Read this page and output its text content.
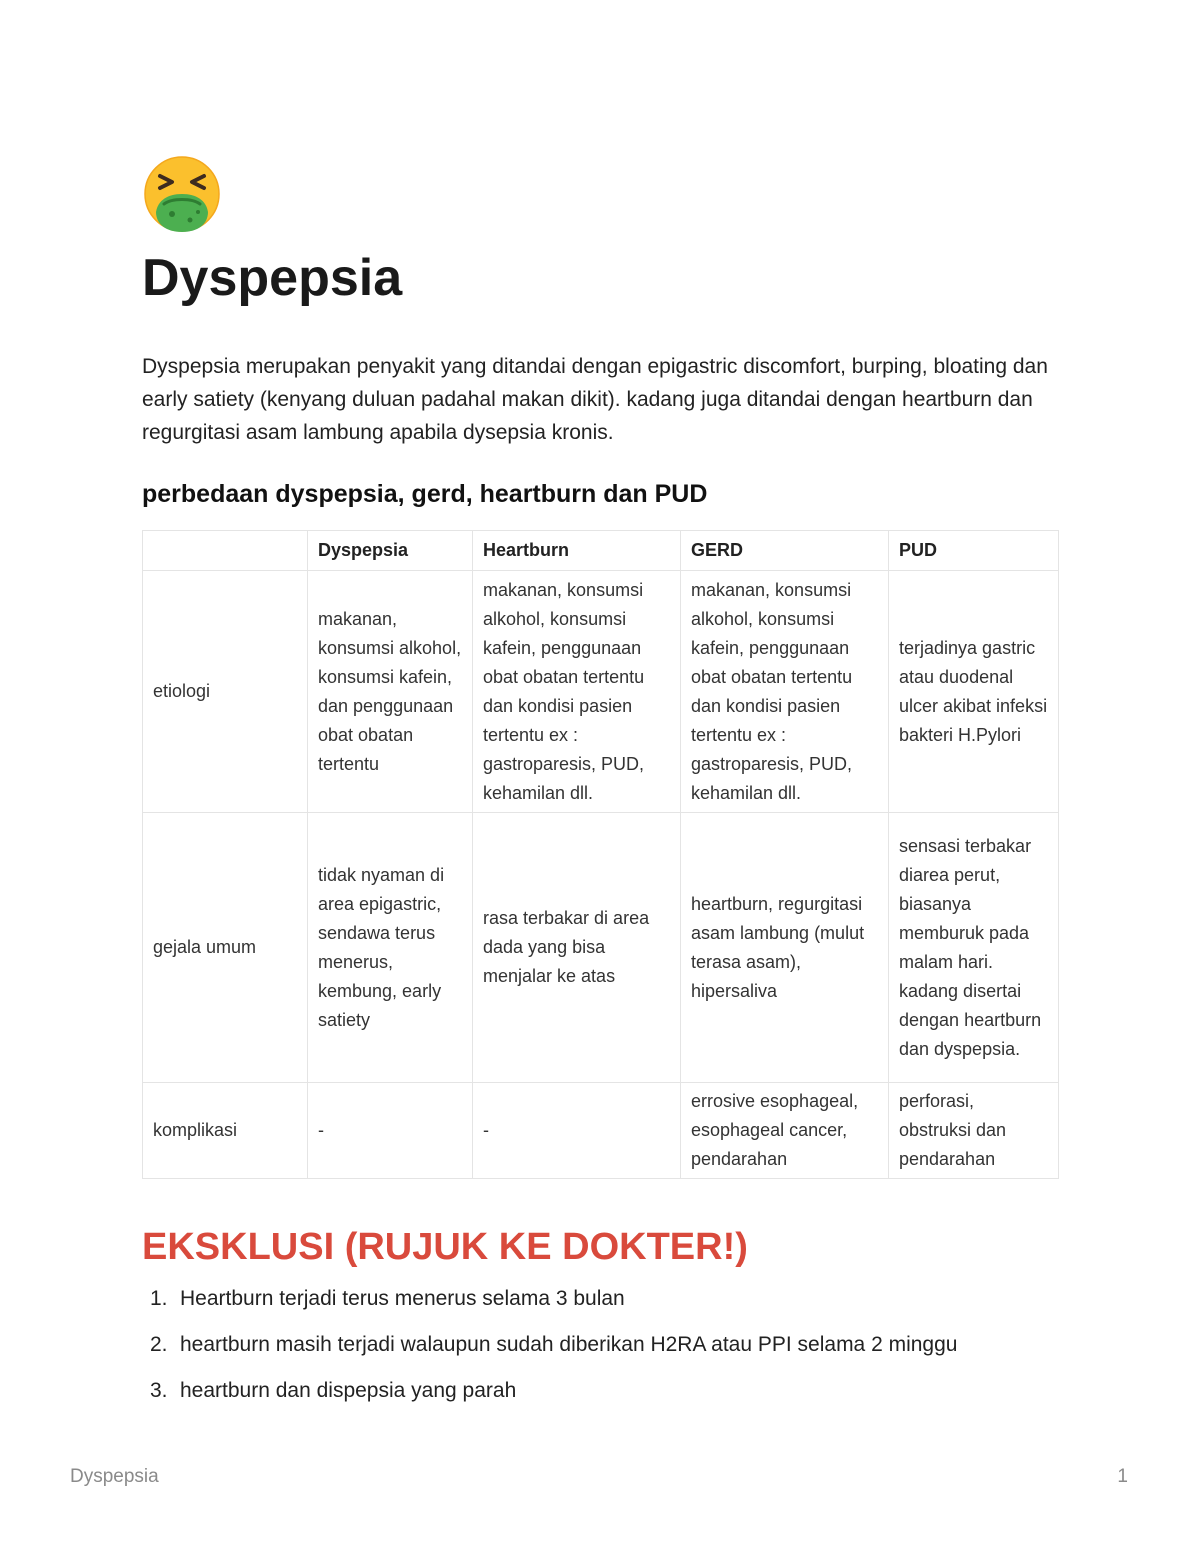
Dyspepsia

Dyspepsia merupakan penyakit yang ditandai dengan epigastric discomfort, burping, bloating dan early satiety (kenyang duluan padahal makan dikit). kadang juga ditandai dengan heartburn dan regurgitasi asam lambung apabila dysepsia kronis.

perbedaan dyspepsia, gerd, heartburn dan PUD
	Dyspepsia	Heartburn	GERD	PUD
etiologi	makanan, konsumsi alkohol, konsumsi kafein, dan penggunaan obat obatan tertentu	makanan, konsumsi alkohol, konsumsi kafein, penggunaan obat obatan tertentu dan kondisi pasien tertentu ex : gastroparesis, PUD, kehamilan dll.	makanan, konsumsi alkohol, konsumsi kafein, penggunaan obat obatan tertentu dan kondisi pasien tertentu ex : gastroparesis, PUD, kehamilan dll.	terjadinya gastric atau duodenal ulcer akibat infeksi bakteri H.Pylori
gejala umum	tidak nyaman di area epigastric, sendawa terus menerus, kembung, early satiety	rasa terbakar di area dada yang bisa menjalar ke atas	heartburn, regurgitasi asam lambung (mulut terasa asam), hipersaliva	sensasi terbakar diarea perut, biasanya memburuk pada malam hari. kadang disertai dengan heartburn dan dyspepsia.
komplikasi	-	-	errosive esophageal, esophageal cancer, pendarahan	perforasi, obstruksi dan pendarahan
EKSKLUSI (RUJUK KE DOKTER!)
1. Heartburn terjadi terus menerus selama 3 bulan
2. heartburn masih terjadi walaupun sudah diberikan H2RA atau PPI selama 2 minggu
3. heartburn dan dispepsia yang parah
Dyspepsia	1
